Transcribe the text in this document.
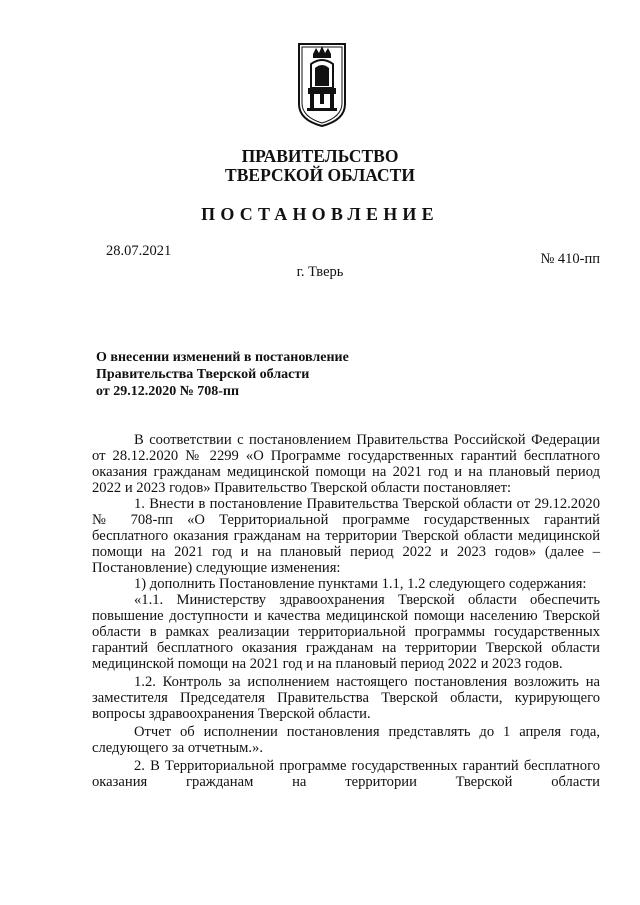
ПРАВИТЕЛЬСТВО
ТВЕРСКОЙ ОБЛАСТИ
ПОСТАНОВЛЕНИЕ
28.07.2021	№ 410-пп
г. Тверь
О внесении изменений в постановление
Правительства Тверской области
от 29.12.2020 № 708-пп

В соответствии с постановлением Правительства Российской Федерации от 28.12.2020 № 2299 «О Программе государственных гарантий бесплатного оказания гражданам медицинской помощи на 2021 год и на плановый период 2022 и 2023 годов» Правительство Тверской области постановляет:

1. Внести в постановление Правительства Тверской области от 29.12.2020 № 708-пп «О Территориальной программе государственных гарантий бесплатного оказания гражданам на территории Тверской области медицинской помощи на 2021 год и на плановый период 2022 и 2023 годов» (далее – Постановление) следующие изменения:

1) дополнить Постановление пунктами 1.1, 1.2 следующего содержания:

«1.1. Министерству здравоохранения Тверской области обеспечить повышение доступности и качества медицинской помощи населению Тверской области в рамках реализации территориальной программы государственных гарантий бесплатного оказания гражданам на территории Тверской области медицинской помощи на 2021 год и на плановый период 2022 и 2023 годов.

1.2. Контроль за исполнением настоящего постановления возложить на заместителя Председателя Правительства Тверской области, курирующего вопросы здравоохранения Тверской области.

Отчет об исполнении постановления представлять до 1 апреля года, следующего за отчетным.».

2. В Территориальной программе государственных гарантий бесплатного оказания гражданам на территории Тверской области
